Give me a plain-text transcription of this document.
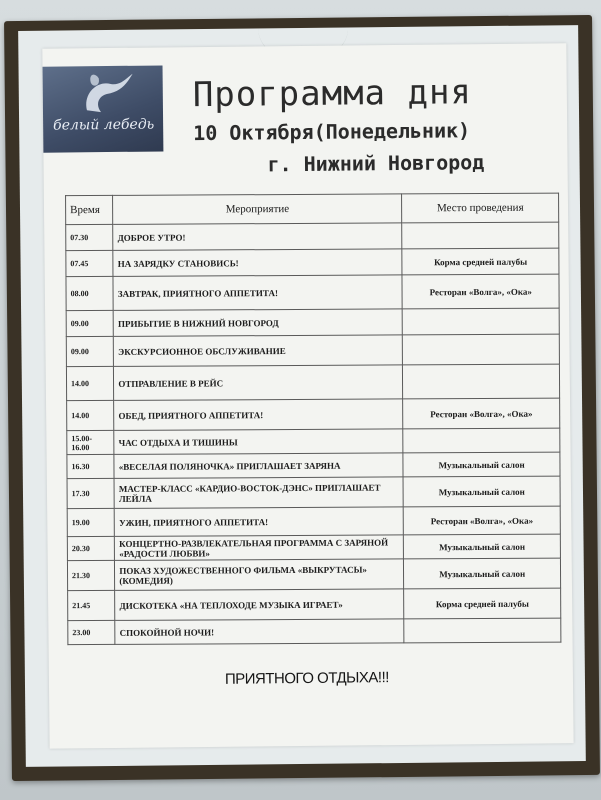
белый лебедь
Программа дня
10 Октября(Понедельник)
г. Нижний Новгород
Время	Мероприятие	Место проведения
07.30	ДОБРОЕ УТРО!	
07.45	НА ЗАРЯДКУ СТАНОВИСЬ!	Корма средней палубы
08.00	ЗАВТРАК, ПРИЯТНОГО АППЕТИТА!	Ресторан «Волга», «Ока»
09.00	ПРИБЫТИЕ В НИЖНИЙ НОВГОРОД	
09.00	ЭКСКУРСИОННОЕ ОБСЛУЖИВАНИЕ	
14.00	ОТПРАВЛЕНИЕ В РЕЙС	
14.00	ОБЕД, ПРИЯТНОГО АППЕТИТА!	Ресторан «Волга», «Ока»
15.00-16.00	ЧАС ОТДЫХА И ТИШИНЫ	
16.30	«ВЕСЕЛАЯ ПОЛЯНОЧКА» ПРИГЛАШАЕТ ЗАРЯНА	Музыкальный салон
17.30	МАСТЕР-КЛАСС «КАРДИО-ВОСТОК-ДЭНС» ПРИГЛАШАЕТ ЛЕЙЛА	Музыкальный салон
19.00	УЖИН, ПРИЯТНОГО АППЕТИТА!	Ресторан «Волга», «Ока»
20.30	КОНЦЕРТНО-РАЗВЛЕКАТЕЛЬНАЯ ПРОГРАММА С ЗАРЯНОЙ «РАДОСТИ ЛЮБВИ»	Музыкальный салон
21.30	ПОКАЗ ХУДОЖЕСТВЕННОГО ФИЛЬМА «ВЫКРУТАСЫ» (КОМЕДИЯ)	Музыкальный салон
21.45	ДИСКОТЕКА «НА ТЕПЛОХОДЕ МУЗЫКА ИГРАЕТ»	Корма средней палубы
23.00	СПОКОЙНОЙ НОЧИ!	
ПРИЯТНОГО ОТДЫХА!!!
